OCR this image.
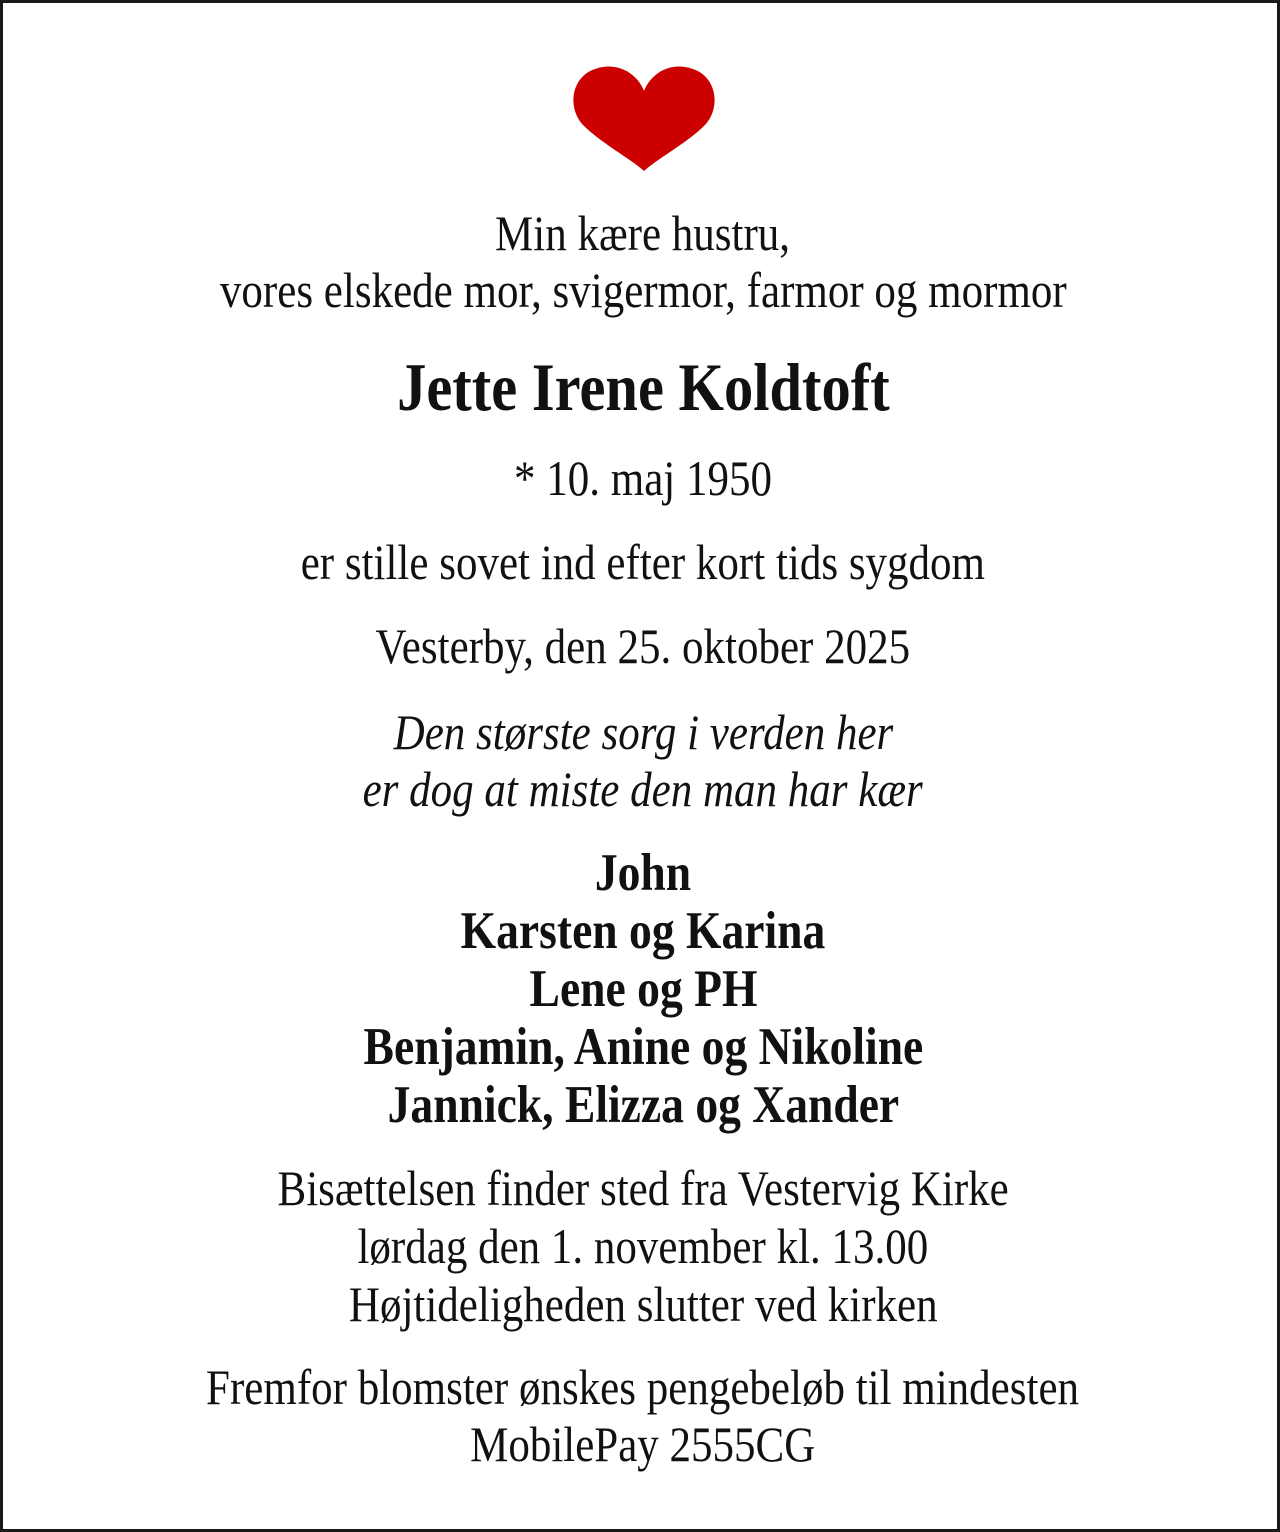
Min kære hustru,
vores elskede mor, svigermor, farmor og mormor
Jette Irene Koldtoft
* 10. maj 1950
er stille sovet ind efter kort tids sygdom
Vesterby, den 25. oktober 2025
Den største sorg i verden her
er dog at miste den man har kær
John
Karsten og Karina
Lene og PH
Benjamin, Anine og Nikoline
Jannick, Elizza og Xander
Bisættelsen finder sted fra Vestervig Kirke
lørdag den 1. november kl. 13.00
Højtideligheden slutter ved kirken
Fremfor blomster ønskes pengebeløb til mindesten
MobilePay 2555CG
